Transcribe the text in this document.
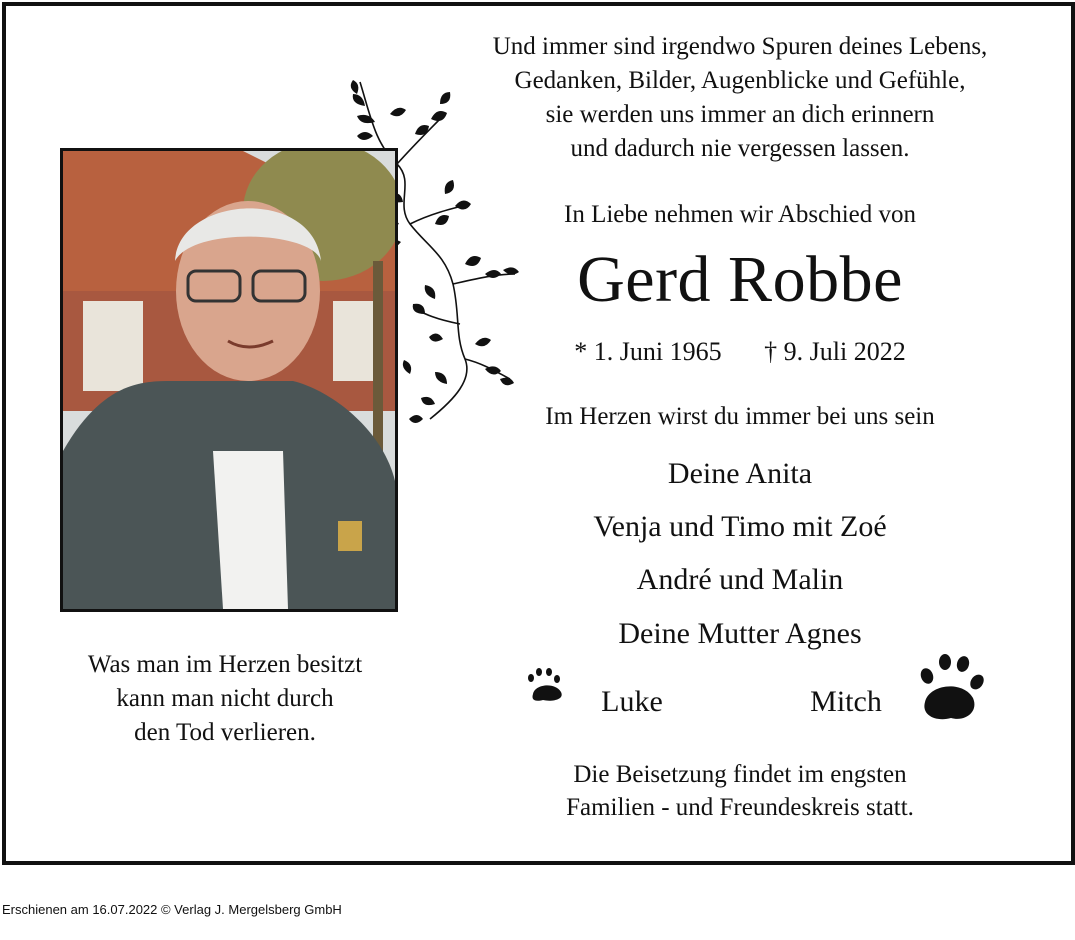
Und immer sind irgendwo Spuren deines Lebens,
Gedanken, Bilder, Augenblicke und Gefühle,
sie werden uns immer an dich erinnern
und dadurch nie vergessen lassen.
Was man im Herzen besitzt
kann man nicht durch
den Tod verlieren.
In Liebe nehmen wir Abschied von
Gerd Robbe
* 1. Juni 1965 † 9. Juli 2022
Im Herzen wirst du immer bei uns sein
Deine Anita
Venja und Timo mit Zoé
André und Malin
Deine Mutter Agnes
Luke	Mitch
Die Beisetzung findet im engsten
Familien - und Freundeskreis statt.
Erschienen am 16.07.2022 © Verlag J. Mergelsberg GmbH
